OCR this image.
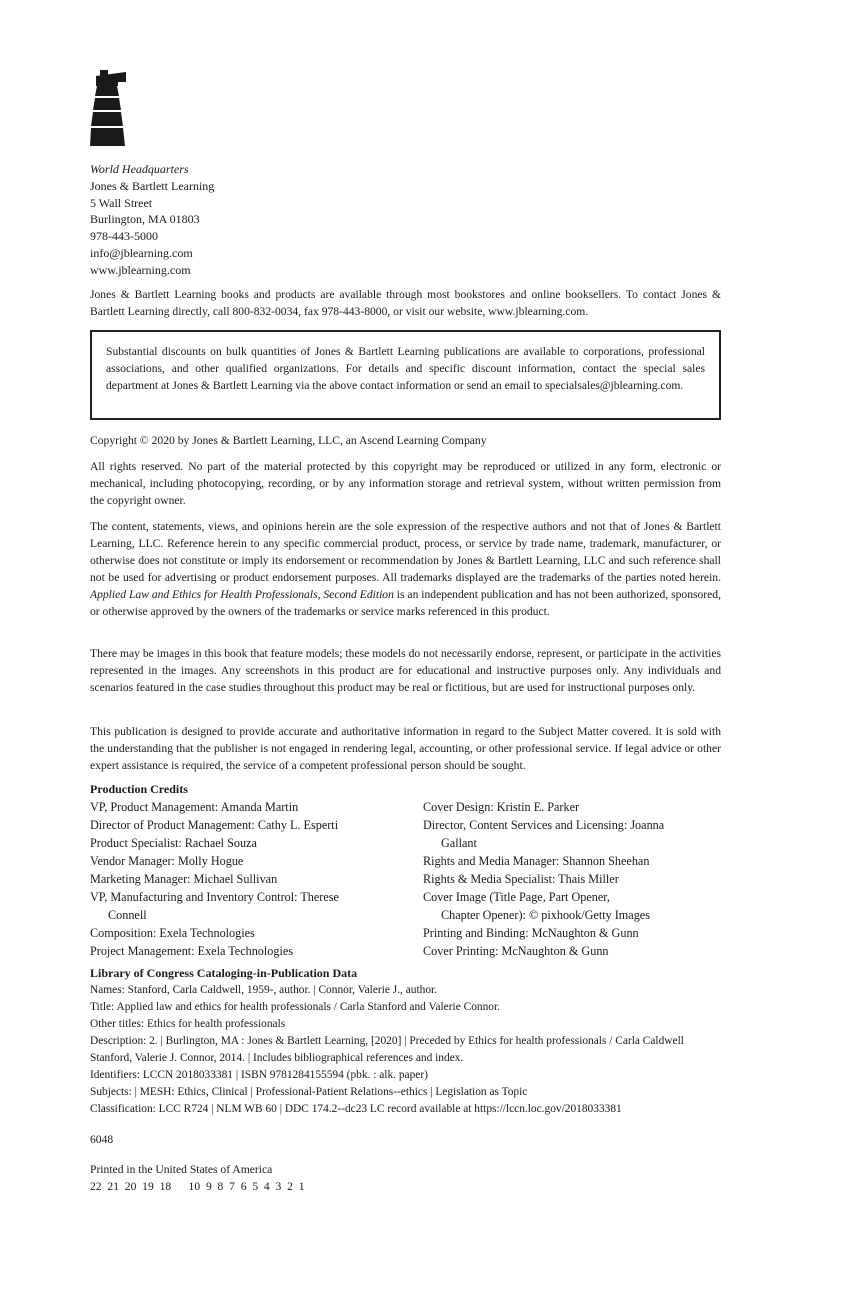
World Headquarters
Jones & Bartlett Learning
5 Wall Street
Burlington, MA 01803
978-443-5000
info@jblearning.com
www.jblearning.com
Jones & Bartlett Learning books and products are available through most bookstores and online booksellers. To contact Jones & Bartlett Learning directly, call 800-832-0034, fax 978-443-8000, or visit our website, www.jblearning.com.
Substantial discounts on bulk quantities of Jones & Bartlett Learning publications are available to corporations, professional associations, and other qualified organizations. For details and specific discount information, contact the special sales department at Jones & Bartlett Learning via the above contact information or send an email to specialsales@jblearning.com.
Copyright © 2020 by Jones & Bartlett Learning, LLC, an Ascend Learning Company
All rights reserved. No part of the material protected by this copyright may be reproduced or utilized in any form, electronic or mechanical, including photocopying, recording, or by any information storage and retrieval system, without written permission from the copyright owner.
The content, statements, views, and opinions herein are the sole expression of the respective authors and not that of Jones & Bartlett Learning, LLC. Reference herein to any specific commercial product, process, or service by trade name, trademark, manufacturer, or otherwise does not constitute or imply its endorsement or recommendation by Jones & Bartlett Learning, LLC and such reference shall not be used for advertising or product endorsement purposes. All trademarks displayed are the trademarks of the parties noted herein. Applied Law and Ethics for Health Professionals, Second Edition is an independent publication and has not been authorized, sponsored, or otherwise approved by the owners of the trademarks or service marks referenced in this product.
There may be images in this book that feature models; these models do not necessarily endorse, represent, or participate in the activities represented in the images. Any screenshots in this product are for educational and instructive purposes only. Any individuals and scenarios featured in the case studies throughout this product may be real or fictitious, but are used for instructional purposes only.
This publication is designed to provide accurate and authoritative information in regard to the Subject Matter covered. It is sold with the understanding that the publisher is not engaged in rendering legal, accounting, or other professional service. If legal advice or other expert assistance is required, the service of a competent professional person should be sought.
Production Credits
VP, Product Management: Amanda Martin
Director of Product Management: Cathy L. Esperti
Product Specialist: Rachael Souza
Vendor Manager: Molly Hogue
Marketing Manager: Michael Sullivan
VP, Manufacturing and Inventory Control: Therese
Connell
Composition: Exela Technologies
Project Management: Exela Technologies
Cover Design: Kristin E. Parker
Director, Content Services and Licensing: Joanna
Gallant
Rights and Media Manager: Shannon Sheehan
Rights & Media Specialist: Thais Miller
Cover Image (Title Page, Part Opener,
Chapter Opener): © pixhook/Getty Images
Printing and Binding: McNaughton & Gunn
Cover Printing: McNaughton & Gunn
Library of Congress Cataloging-in-Publication Data
Names: Stanford, Carla Caldwell, 1959-, author. | Connor, Valerie J., author.
Title: Applied law and ethics for health professionals / Carla Stanford and Valerie Connor.
Other titles: Ethics for health professionals
Description: 2. | Burlington, MA : Jones & Bartlett Learning, [2020] | Preceded by Ethics for health professionals / Carla Caldwell Stanford, Valerie J. Connor, 2014. | Includes bibliographical references and index.
Identifiers: LCCN 2018033381 | ISBN 9781284155594 (pbk. : alk. paper)
Subjects: | MESH: Ethics, Clinical | Professional-Patient Relations--ethics | Legislation as Topic
Classification: LCC R724 | NLM WB 60 | DDC 174.2--dc23 LC record available at https://lccn.loc.gov/2018033381
6048
Printed in the United States of America
22  21  20  19  18      10  9  8  7  6  5  4  3  2  1
